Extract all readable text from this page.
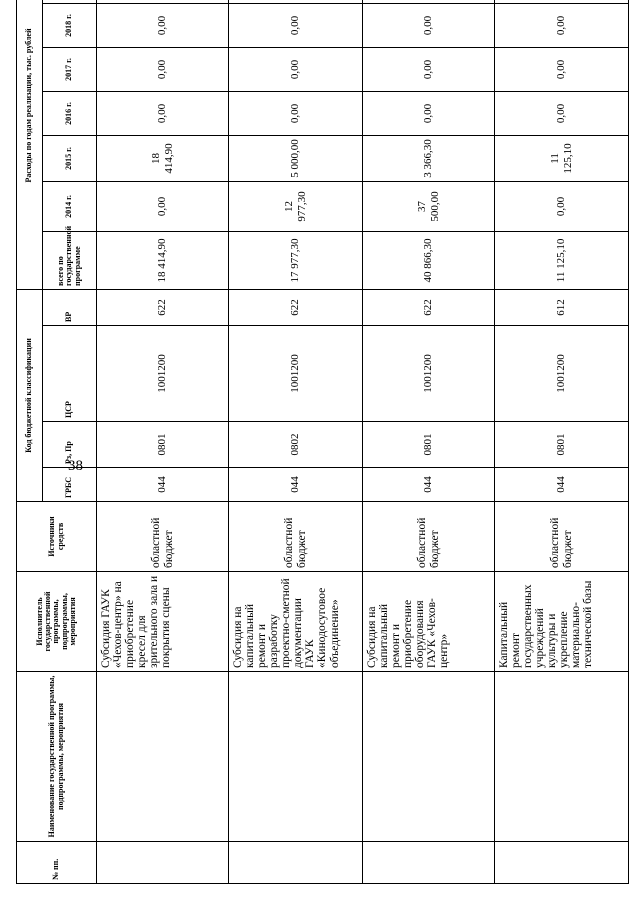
38
№ пп.	Наименование государственной программы, подпрограммы, мероприятия	Исполнитель государственной программы, подпрограммы, мероприятия	Источники средств	Код бюджетной классификации				Расходы по годам реализации, тыс. рублей							
				ГРБС	Рз, Пр	ЦСР	ВР	всего по государственной программе	2014 г.	2015 г.	2016 г.	2017 г.	2018 г.		
		Субсидия ГАУК «Чехов-центр» на приобретение кресел для зрительного зала и покрытия сцены	областной бюджет	044	0801	1001200	622	18 414,90	0,00	18 414,90	0,00	0,00	0,00		
		Субсидия на капитальный ремонт и разработку проектно-сметной документации ГАУК «Кинодосуговое объединение»	областной бюджет	044	0802	1001200	622	17 977,30	12 977,30	5 000,00	0,00	0,00	0,00		
		Субсидия на капитальный ремонт и приобретение оборудования ГАУК «Чехов-центр»	областной бюджет	044	0801	1001200	622	40 866,30	37 500,00	3 366,30	0,00	0,00	0,00		
		Капитальный ремонт государственных учреждений культуры и укрепление материально-технической базы	областной бюджет	044	0801	1001200	612	11 125,10	0,00	11 125,10	0,00	0,00	0,00		
